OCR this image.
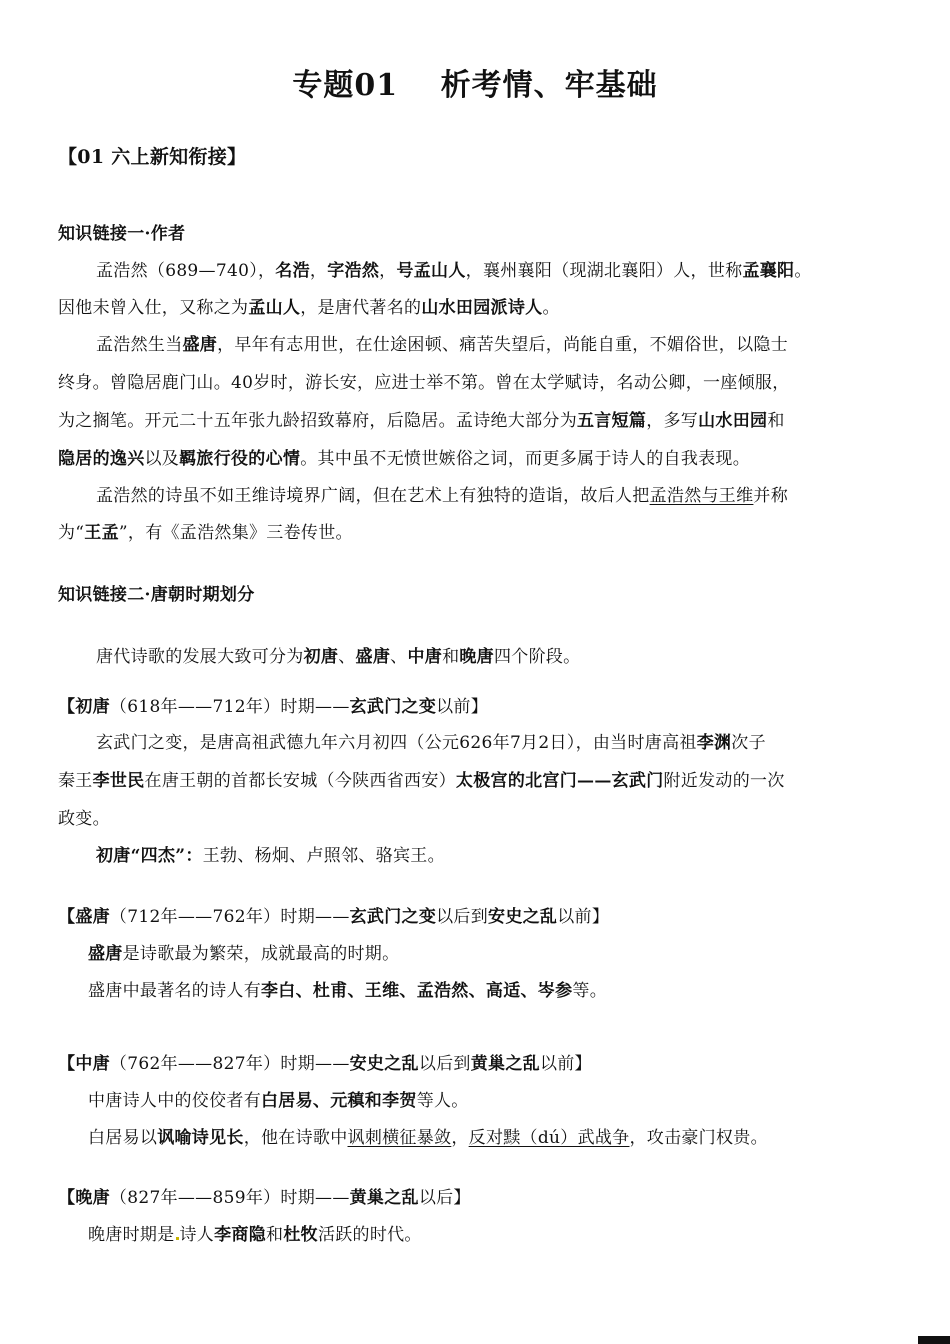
专题01　 析考情、牢基础
【01 六上新知衔接】
知识链接一·作者
孟浩然（689—740），名浩，字浩然，号孟山人，襄州襄阳（现湖北襄阳）人，世称孟襄阳。
因他未曾入仕，又称之为孟山人，是唐代著名的山水田园派诗人。
孟浩然生当盛唐，早年有志用世，在仕途困顿、痛苦失望后，尚能自重，不媚俗世，以隐士
终身。曾隐居鹿门山。40岁时，游长安，应进士举不第。曾在太学赋诗，名动公卿，一座倾服，
为之搁笔。开元二十五年张九龄招致幕府，后隐居。孟诗绝大部分为五言短篇，多写山水田园和
隐居的逸兴以及羁旅行役的心情。其中虽不无愤世嫉俗之词，而更多属于诗人的自我表现。
孟浩然的诗虽不如王维诗境界广阔，但在艺术上有独特的造诣，故后人把孟浩然与王维并称
为“王孟”，有《孟浩然集》三卷传世。
知识链接二·唐朝时期划分
唐代诗歌的发展大致可分为初唐、盛唐、中唐和晚唐四个阶段。
【初唐（618年——712年）时期——玄武门之变以前】
玄武门之变，是唐高祖武德九年六月初四（公元626年7月2日），由当时唐高祖李渊次子
秦王李世民在唐王朝的首都长安城（今陕西省西安）太极宫的北宫门——玄武门附近发动的一次
政变。
初唐“四杰”：王勃、杨炯、卢照邻、骆宾王。
【盛唐（712年——762年）时期——玄武门之变以后到安史之乱以前】
盛唐是诗歌最为繁荣，成就最高的时期。
盛唐中最著名的诗人有李白、杜甫、王维、孟浩然、高适、岑参等。
【中唐（762年——827年）时期——安史之乱以后到黄巢之乱以前】
中唐诗人中的佼佼者有白居易、元稹和李贺等人。
白居易以讽喻诗见长，他在诗歌中讽刺横征暴敛，反对黩（dú）武战争，攻击豪门权贵。
【晚唐（827年——859年）时期——黄巢之乱以后】
晚唐时期是 诗人李商隐和杜牧活跃的时代。
